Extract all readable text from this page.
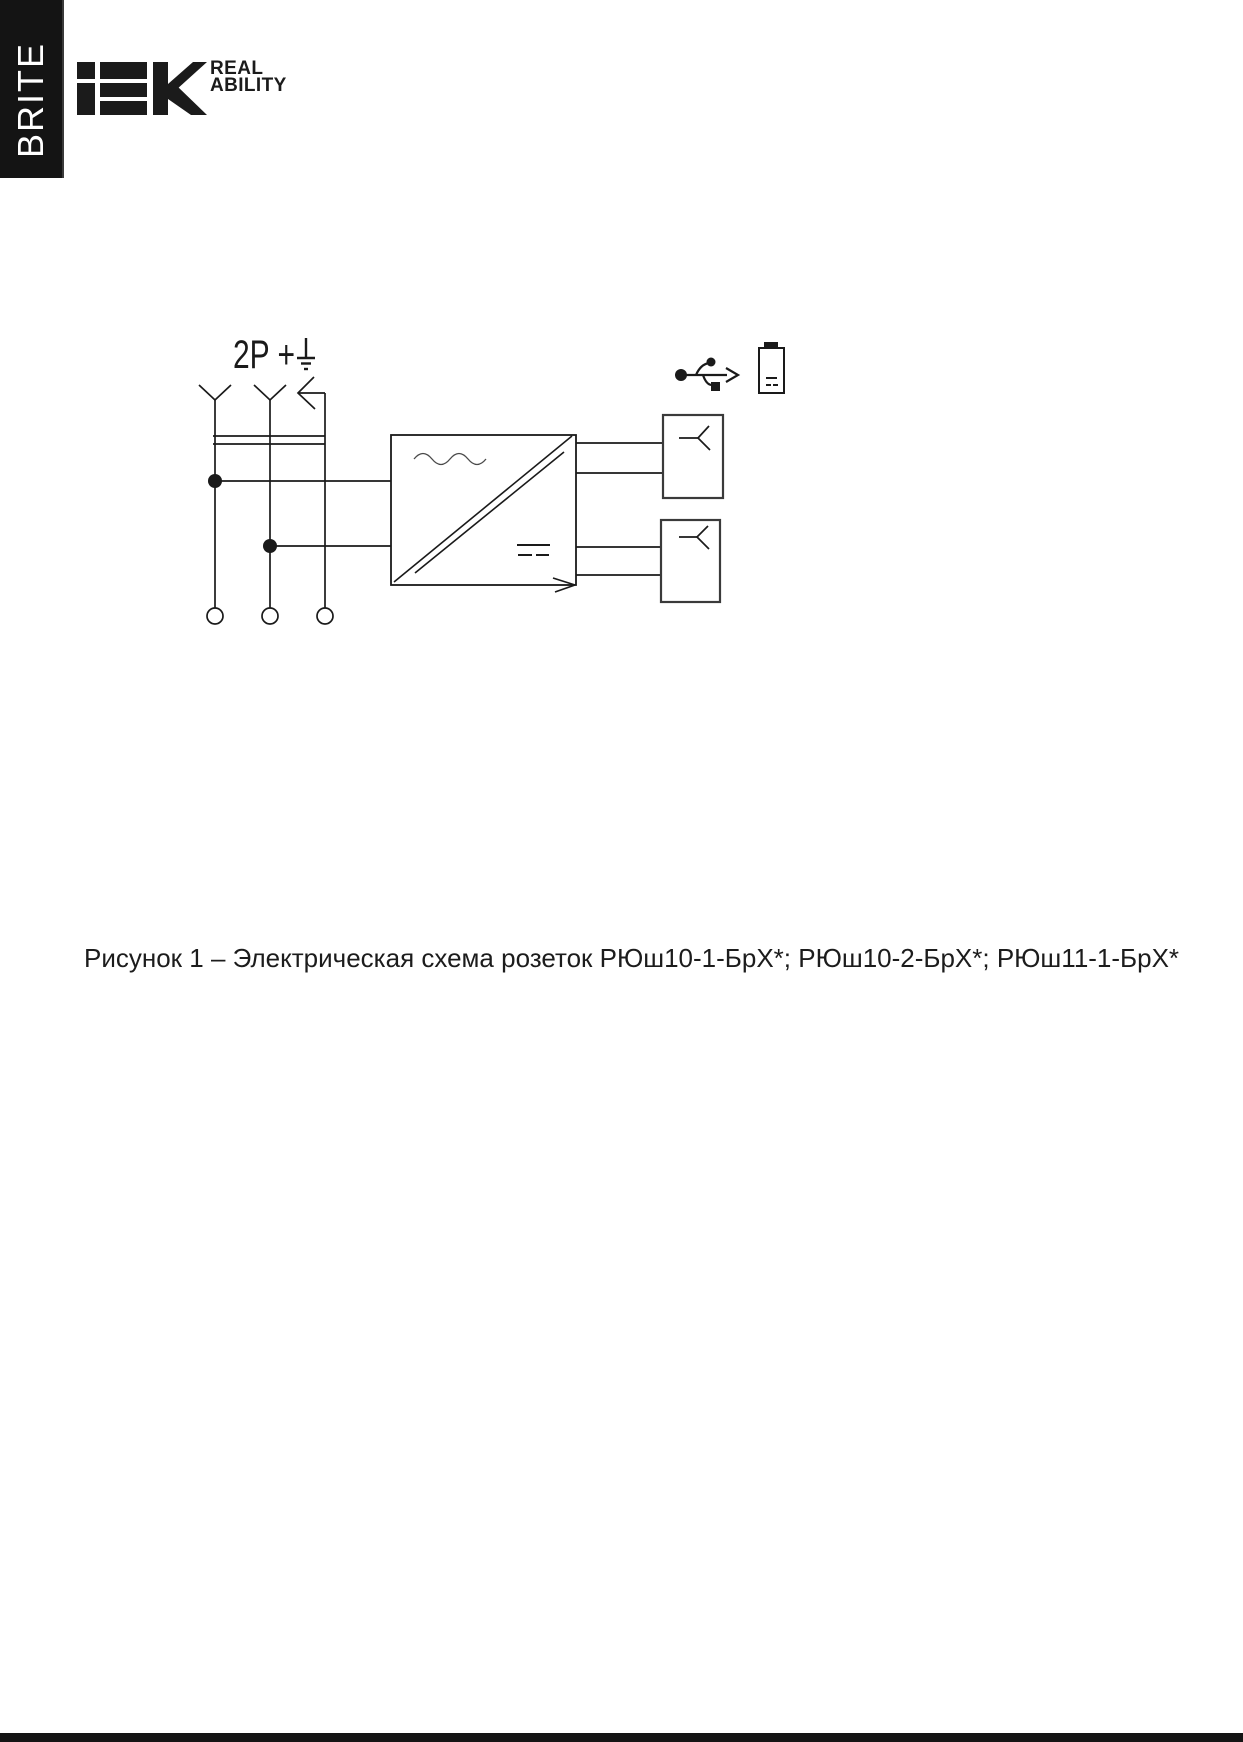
BRITE	REAL
ABILITY
2P +
Рисунок 1 – Электрическая схема розеток РЮш10-1-БрХ*; РЮш10-2-БрХ*; РЮш11-1-БрХ*
